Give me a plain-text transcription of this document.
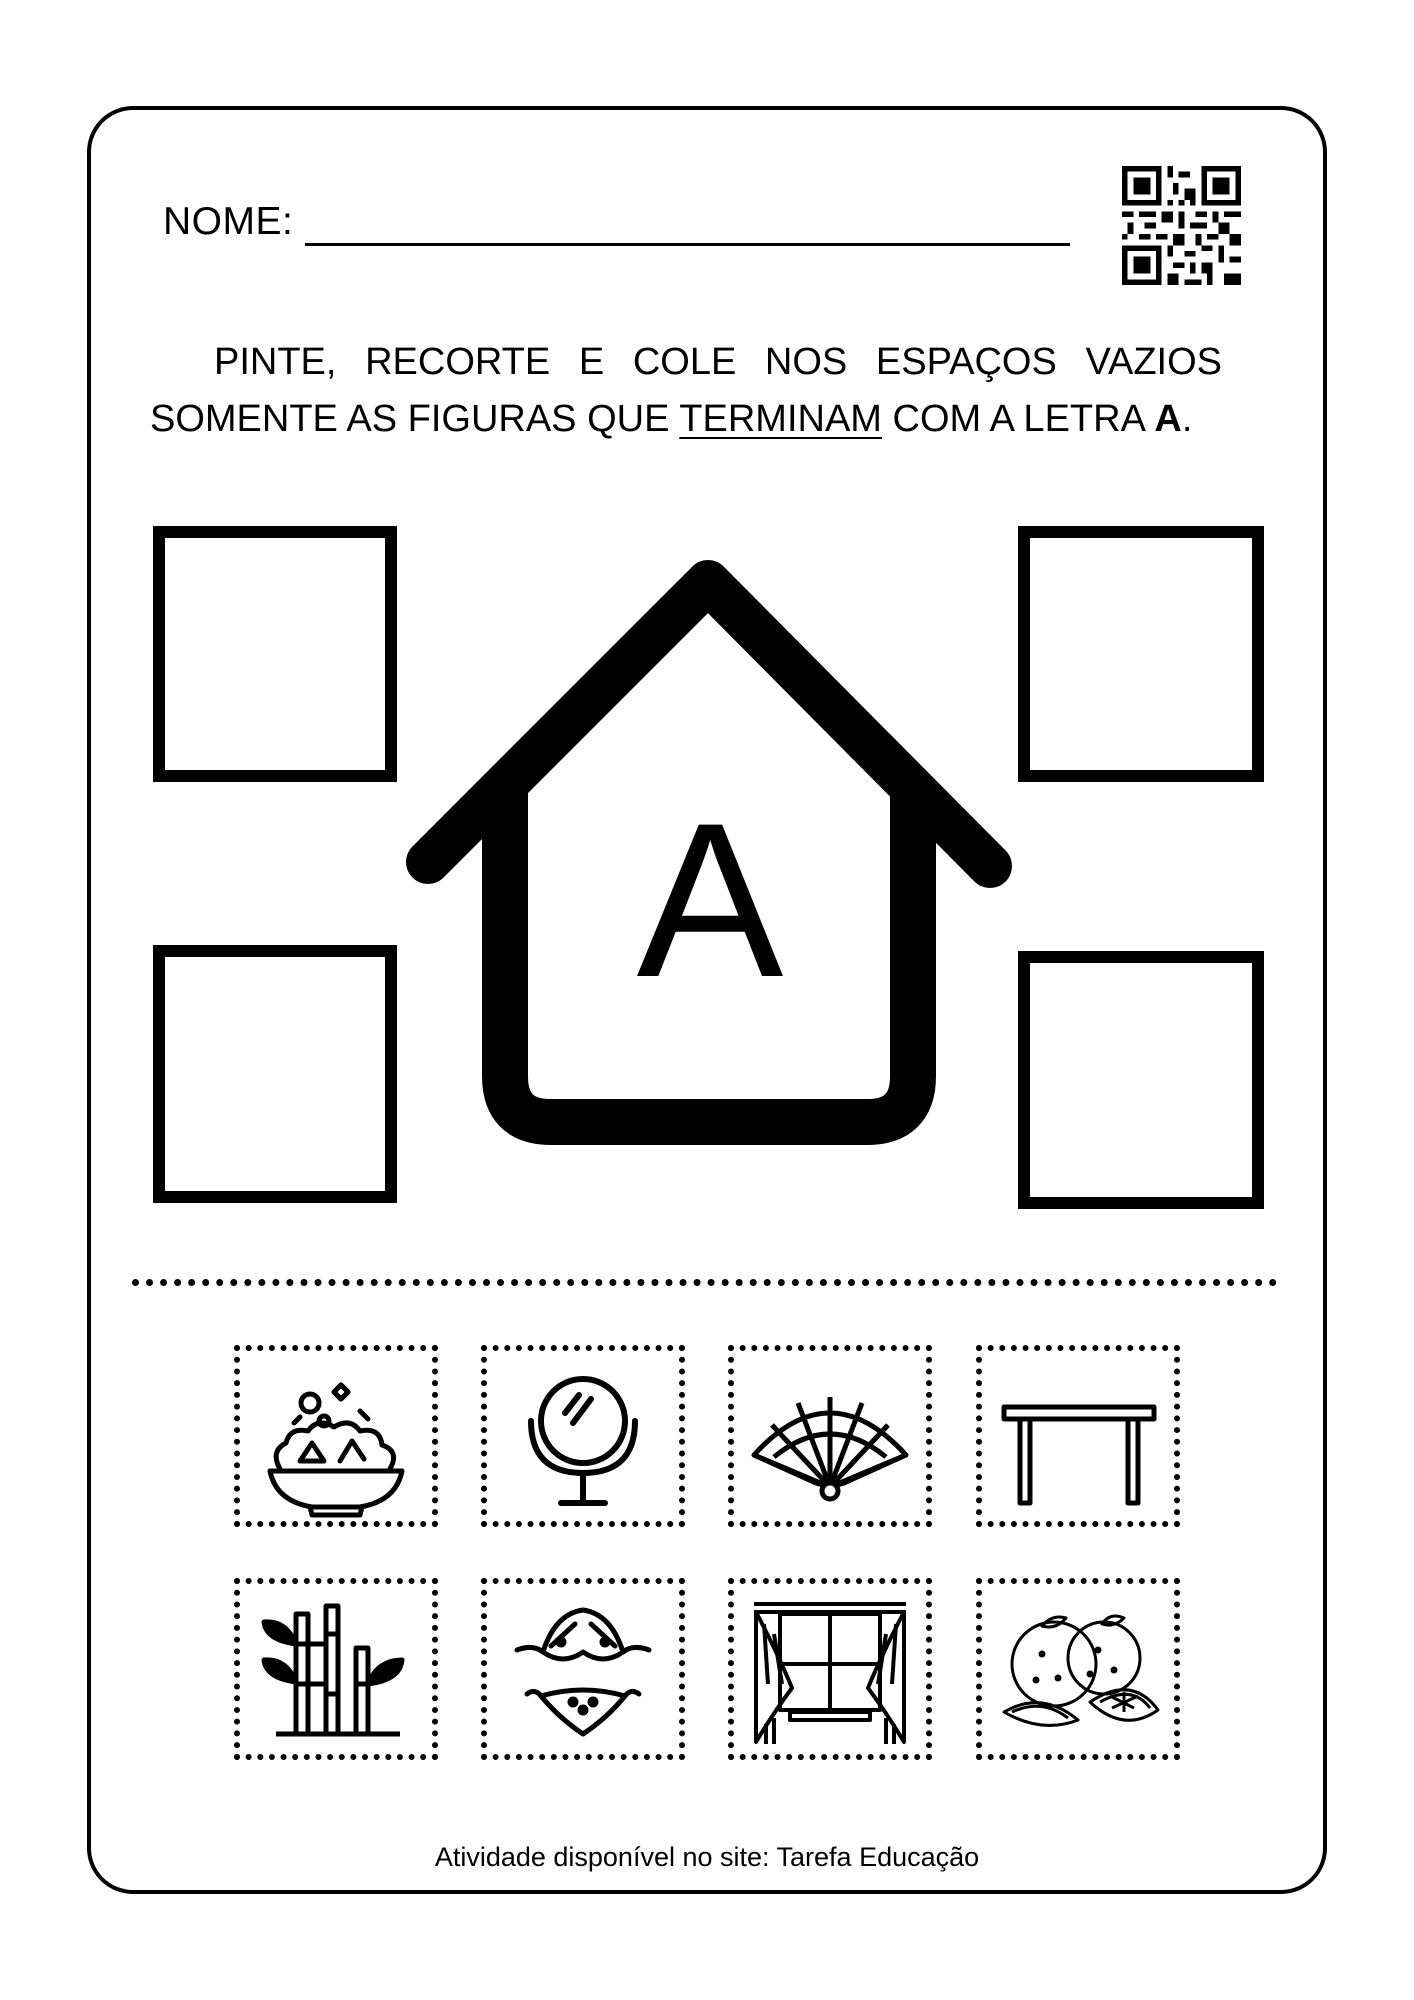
NOME:
PINTE, RECORTE E COLE NOS ESPAÇOS VAZIOS
SOMENTE AS FIGURAS QUE TERMINAM COM A LETRA A.
A
Atividade disponível no site: Tarefa Educação
